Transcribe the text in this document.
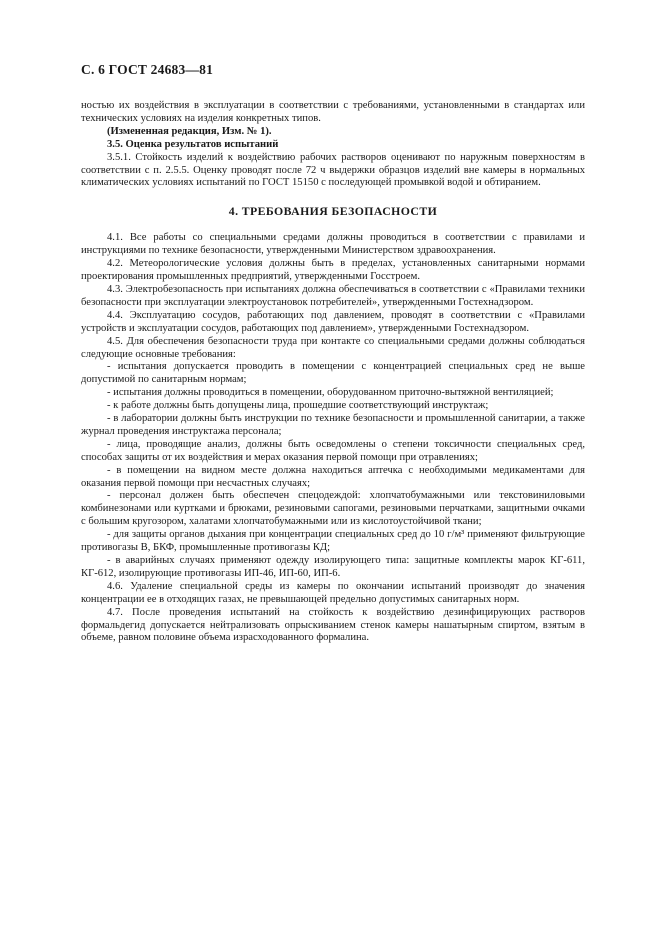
С. 6 ГОСТ 24683—81

ностью их воздействия в эксплуатации в соответствии с требованиями, установленными в стандартах или технических условиях на изделия конкретных типов.

(Измененная редакция, Изм. № 1).

3.5. Оценка результатов испытаний

3.5.1. Стойкость изделий к воздействию рабочих растворов оценивают по наружным поверхностям в соответствии с п. 2.5.5. Оценку проводят после 72 ч выдержки образцов изделий вне камеры в нормальных климатических условиях испытаний по ГОСТ 15150 с последующей промывкой водой и обтиранием.

4. ТРЕБОВАНИЯ БЕЗОПАСНОСТИ

4.1. Все работы со специальными средами должны проводиться в соответствии с правилами и инструкциями по технике безопасности, утвержденными Министерством здравоохранения.

4.2. Метеорологические условия должны быть в пределах, установленных санитарными нормами проектирования промышленных предприятий, утвержденными Госстроем.

4.3. Электробезопасность при испытаниях должна обеспечиваться в соответствии с «Правилами техники безопасности при эксплуатации электроустановок потребителей», утвержденными Гостехнадзором.

4.4. Эксплуатацию сосудов, работающих под давлением, проводят в соответствии с «Правилами устройств и эксплуатации сосудов, работающих под давлением», утвержденными Гостехнадзором.

4.5. Для обеспечения безопасности труда при контакте со специальными средами должны соблюдаться следующие основные требования:

- испытания допускается проводить в помещении с концентрацией специальных сред не выше допустимой по санитарным нормам;

- испытания должны проводиться в помещении, оборудованном приточно-вытяжной вентиляцией;

- к работе должны быть допущены лица, прошедшие соответствующий инструктаж;

- в лаборатории должны быть инструкции по технике безопасности и промышленной санитарии, а также журнал проведения инструктажа персонала;

- лица, проводящие анализ, должны быть осведомлены о степени токсичности специальных сред, способах защиты от их воздействия и мерах оказания первой помощи при отравлениях;

- в помещении на видном месте должна находиться аптечка с необходимыми медикаментами для оказания первой помощи при несчастных случаях;

- персонал должен быть обеспечен спецодеждой: хлопчатобумажными или текстовиниловыми комбинезонами или куртками и брюками, резиновыми сапогами, резиновыми перчатками, защитными очками с большим кругозором, халатами хлопчатобумажными или из кислотоустойчивой ткани;

- для защиты органов дыхания при концентрации специальных сред до 10 г/м³ применяют фильтрующие противогазы В, БКФ, промышленные противогазы КД;

- в аварийных случаях применяют одежду изолирующего типа: защитные комплекты марок КГ-611, КГ-612, изолирующие противогазы ИП-46, ИП-60, ИП-6.

4.6. Удаление специальной среды из камеры по окончании испытаний производят до значения концентрации ее в отходящих газах, не превышающей предельно допустимых санитарных норм.

4.7. После проведения испытаний на стойкость к воздействию дезинфицирующих растворов формальдегид допускается нейтрализовать опрыскиванием стенок камеры нашатырным спиртом, взятым в объеме, равном половине объема израсходованного формалина.
